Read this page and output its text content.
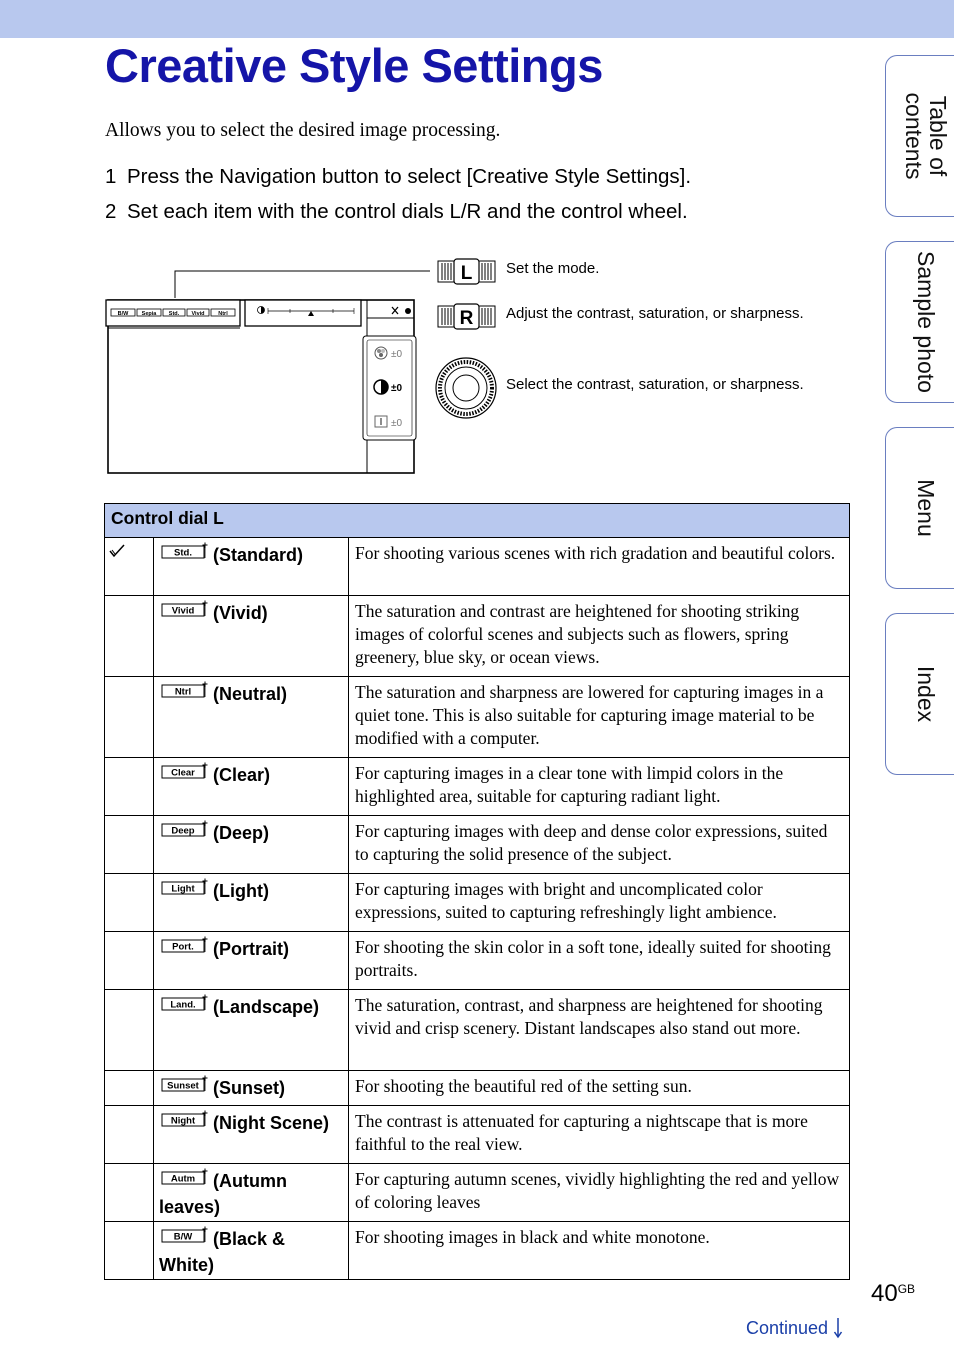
Creative Style Settings
Allows you to select the desired image processing.
1 Press the Navigation button to select [Creative Style Settings].
2 Set each item with the control dials L/R and the control wheel.
B/W Sepia Std. Vivid Ntrl
±0
±0
±0
L
R
Set the mode.
Adjust the contrast, saturation, or sharpness.
Select the contrast, saturation, or sharpness.
Table of
contents
Sample photo
Menu
Index
Control dial L		

Std. (Standard)	For shooting various scenes with rich gradation and beautiful colors.

Vivid (Vivid)	The saturation and contrast are heightened for shooting striking images of colorful scenes and subjects such as flowers, spring greenery, blue sky, or ocean views.

Ntrl (Neutral)	The saturation and sharpness are lowered for capturing images in a quiet tone. This is also suitable for capturing image material to be modified with a computer.

Clear (Clear)	For capturing images in a clear tone with limpid colors in the highlighted area, suitable for capturing radiant light.

Deep (Deep)	For capturing images with deep and dense color expressions, suited to capturing the solid presence of the subject.

Light (Light)	For capturing images with bright and uncomplicated color expressions, suited to capturing refreshingly light ambience.

Port. (Portrait)	For shooting the skin color in a soft tone, ideally suited for shooting portraits.

Land. (Landscape)	The saturation, contrast, and sharpness are heightened for shooting vivid and crisp scenery. Distant landscapes also stand out more.

Sunset (Sunset)	For shooting the beautiful red of the setting sun.

Night (Night Scene)	The contrast is attenuated for capturing a nightscape that is more faithful to the real view.

Autm (Autumn leaves)	For capturing autumn scenes, vividly highlighting the red and yellow of coloring leaves

B/W (Black & White)	For shooting images in black and white monotone.
$40^{GB}$
Continued
